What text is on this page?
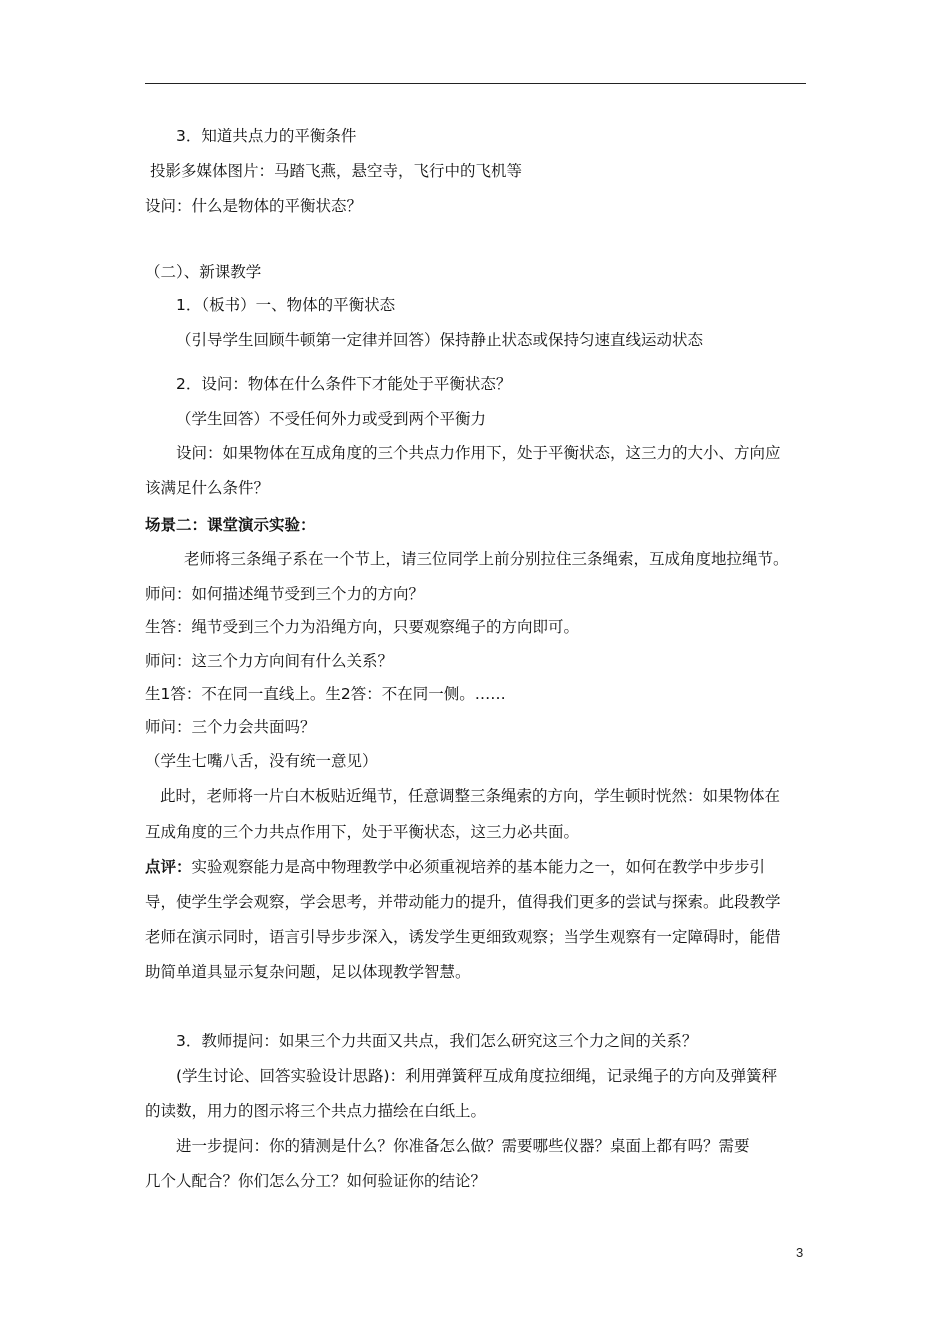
3．知道共点力的平衡条件
投影多媒体图片：马踏飞燕，悬空寺，飞行中的飞机等
设问：什么是物体的平衡状态？
（二）、新课教学
1．（板书）一、物体的平衡状态
（引导学生回顾牛顿第一定律并回答）保持静止状态或保持匀速直线运动状态
2．设问：物体在什么条件下才能处于平衡状态？
（学生回答）不受任何外力或受到两个平衡力
设问：如果物体在互成角度的三个共点力作用下，处于平衡状态，这三力的大小、方向应
该满足什么条件？
场景二：课堂演示实验：
老师将三条绳子系在一个节上，请三位同学上前分别拉住三条绳索，互成角度地拉绳节。
师问：如何描述绳节受到三个力的方向？
生答：绳节受到三个力为沿绳方向，只要观察绳子的方向即可。
师问：这三个力方向间有什么关系？
生1答：不在同一直线上。生2答：不在同一侧。……
师问：三个力会共面吗？
（学生七嘴八舌，没有统一意见）
此时，老师将一片白木板贴近绳节，任意调整三条绳索的方向，学生顿时恍然：如果物体在
互成角度的三个力共点作用下，处于平衡状态，这三力必共面。
点评：实验观察能力是高中物理教学中必须重视培养的基本能力之一，如何在教学中步步引
导，使学生学会观察，学会思考，并带动能力的提升，值得我们更多的尝试与探索。此段教学
老师在演示同时，语言引导步步深入，诱发学生更细致观察；当学生观察有一定障碍时，能借
助简单道具显示复杂问题，足以体现教学智慧。
3．教师提问：如果三个力共面又共点，我们怎么研究这三个力之间的关系？
(学生讨论、回答实验设计思路)：利用弹簧秤互成角度拉细绳，记录绳子的方向及弹簧秤
的读数，用力的图示将三个共点力描绘在白纸上。
进一步提问：你的猜测是什么？你准备怎么做？需要哪些仪器？桌面上都有吗？需要
几个人配合？你们怎么分工？如何验证你的结论？
3
